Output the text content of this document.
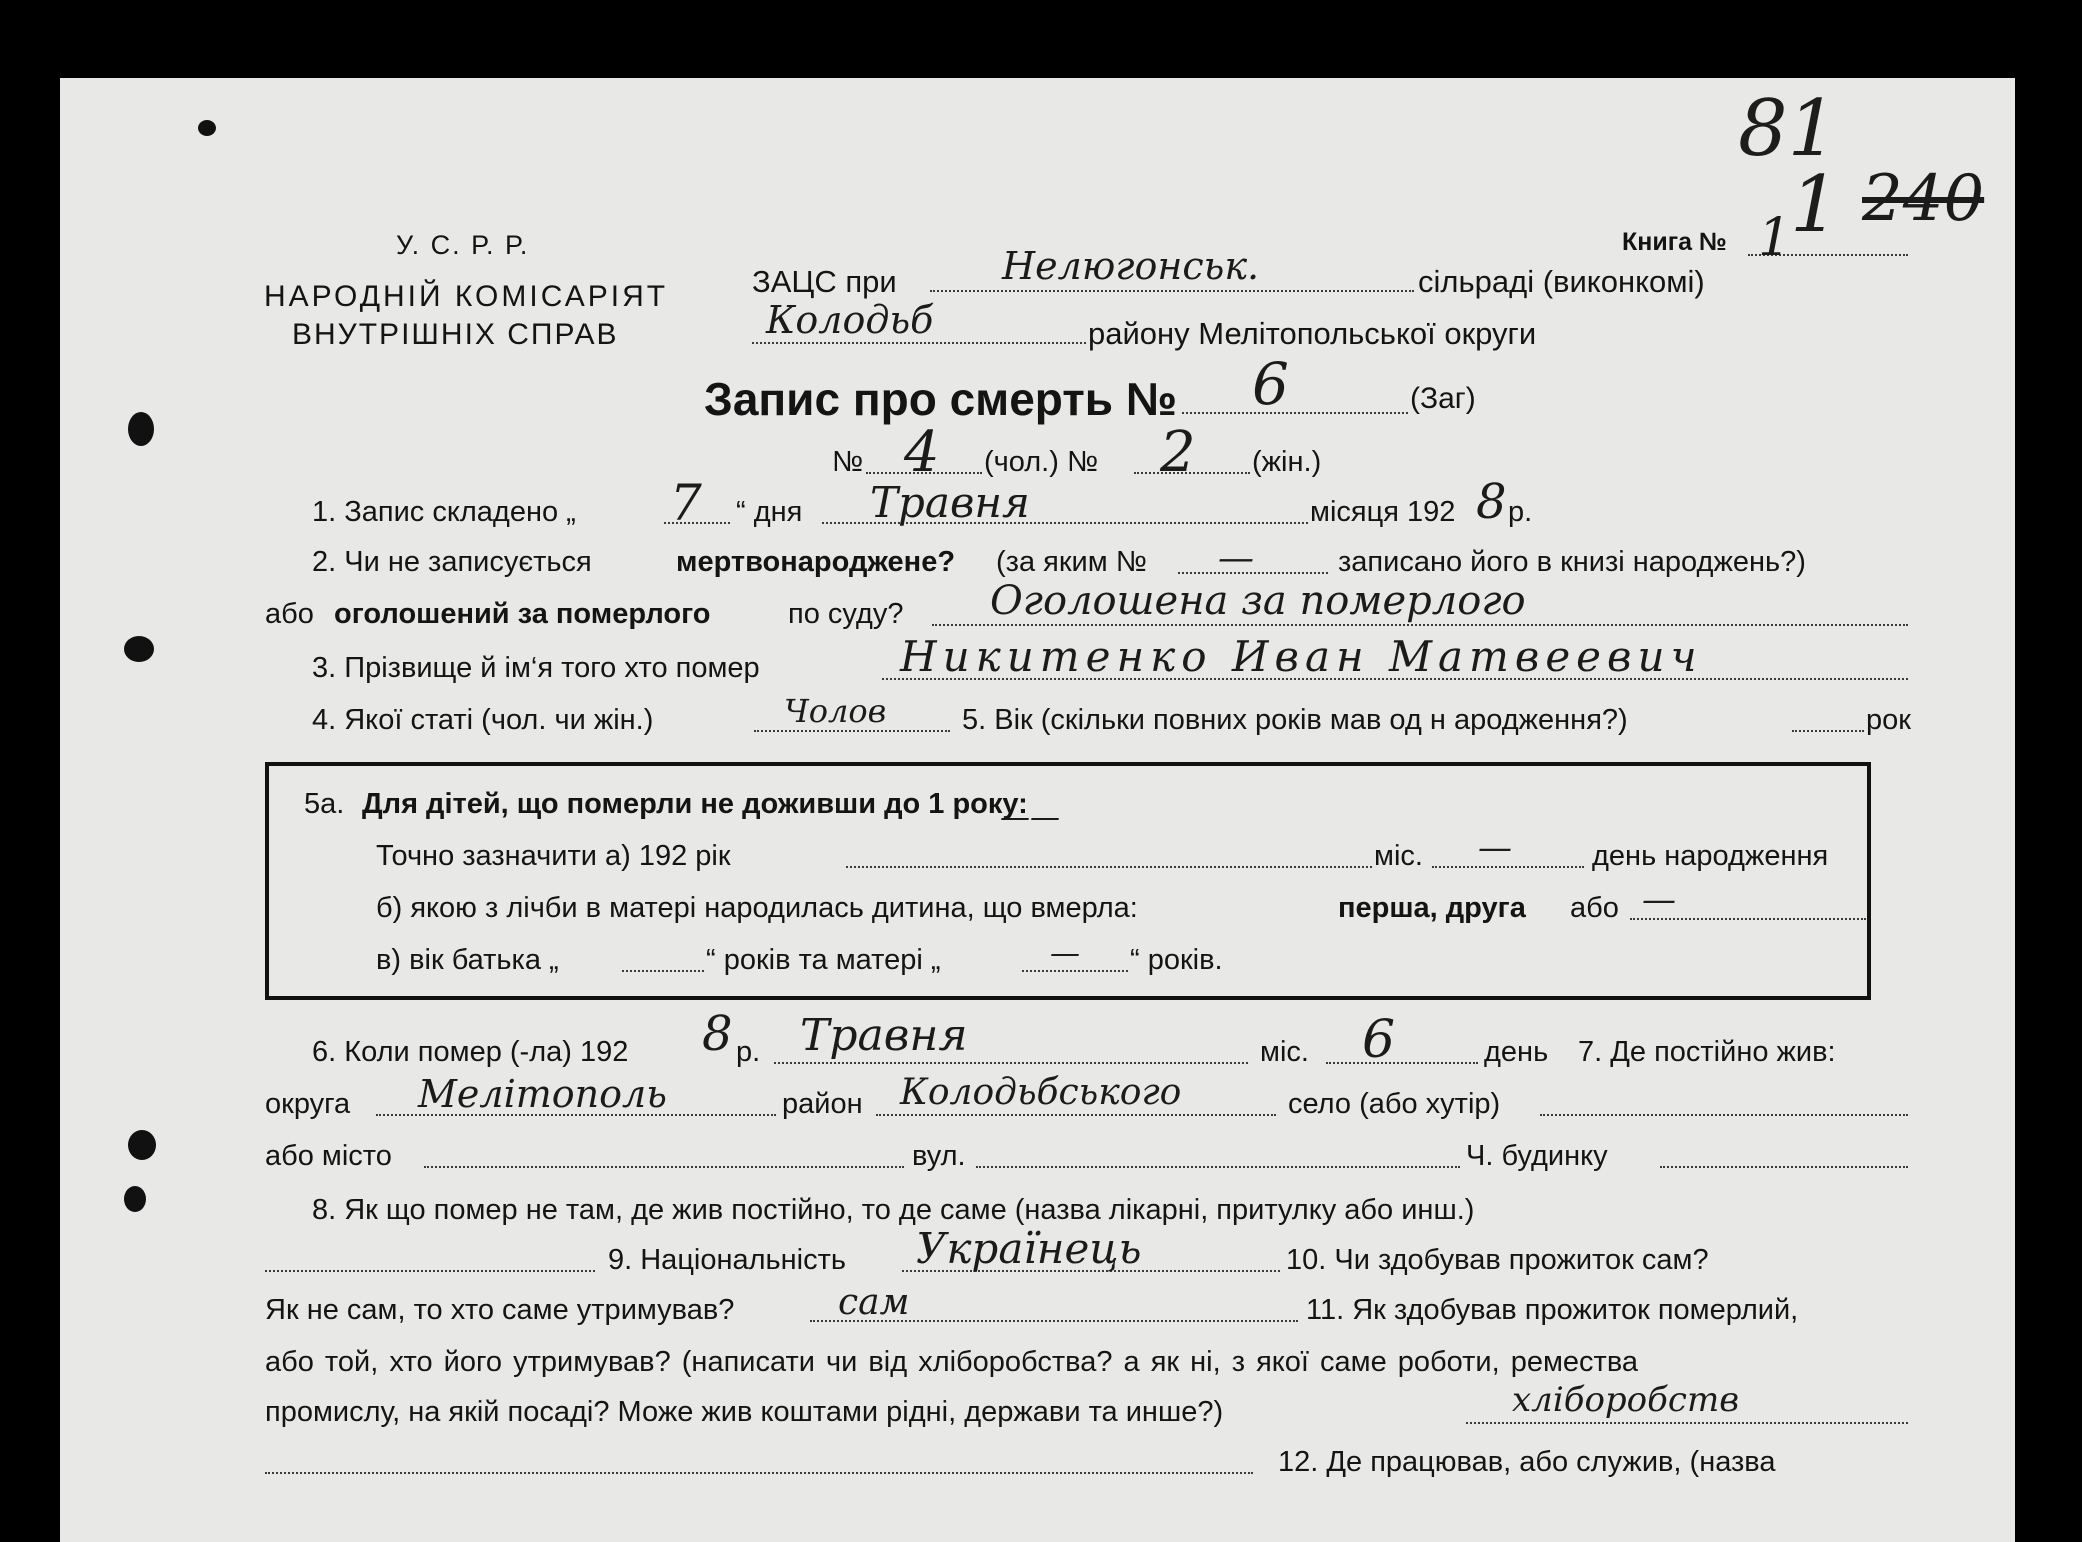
81
1 240
У. С. Р. Р.
НАРОДНІЙ КОМІСАРІЯТ
ВНУТРІШНІХ СПРАВ
Книга № 1
ЗАЦС при	Нелюгонськ.	сільраді (виконкомі)
Колодьб	району Мелітопольської округи
Запис про смерть № 6	(Заг)
№ 4 (чол.) № 2 (жін.)
1. Запис складено „ 7 “ дня Травня	місяця 192 8 р.
2. Чи не записується	мертвонароджене? (за яким № —	записано його в книзі народжень?)
або оголошений за померлого	по суду? Оголошена за померлого
3. Прізвище й ім‘я того хто помер	Никитенко Иван Матвеевич
4. Якої статі (чол. чи жін.)	Чолов	5. Вік (скільки повних років мав од н ародження?)	рок
5а. Для дітей, що померли не доживши до 1 року:
——
Точно зазначити а) 192 рік	міс. —	день народження
б) якою з лічби в матері народилась дитина, що вмерла:	перша, друга або —
в) вік батька „	“ років та матері „	— “ років.
6. Коли помер (-ла) 192 8 р. Травня	міс. 6	день 7. Де постійно жив:
округа Мелітополь	район Колодьбського	село (або хутір)
або місто	вул.	Ч. будинку
8. Як що помер не там, де жив постійно, то де саме (назва лікарні, притулку або инш.)
9. Національність Українець	10. Чи здобував прожиток сам?
Як не сам, то хто саме утримував?	сам	11. Як здобував прожиток померлий,
або той, хто його утримував? (написати чи від хліборобства? а як ні, з якої саме роботи, ремества
промислу, на якій посаді? Може жив коштами рідні, держави та инше?)	хліборобств
12. Де працював, або служив, (назва
